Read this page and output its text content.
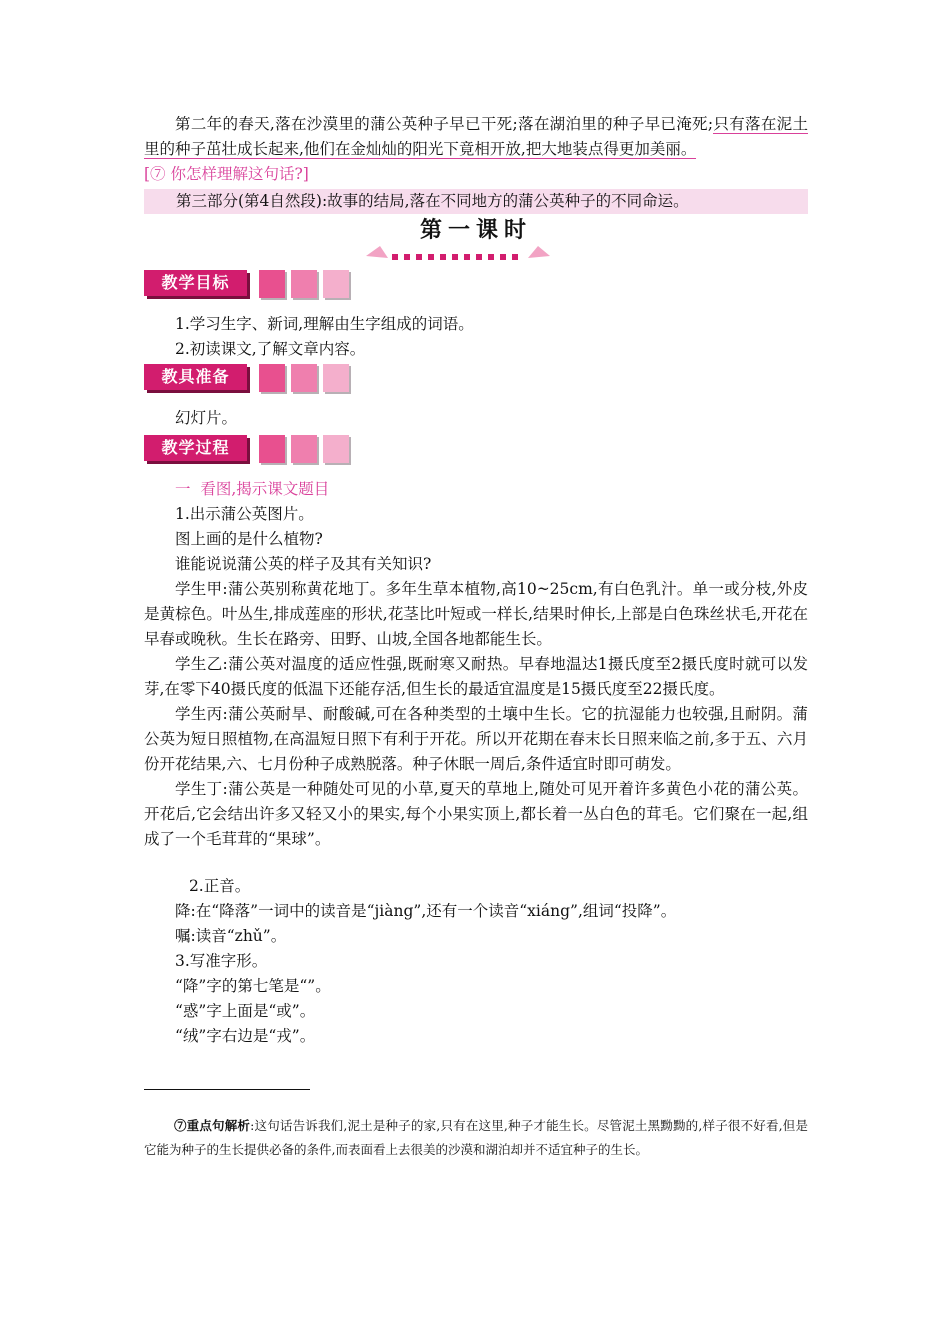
第二年的春天,落在沙漠里的蒲公英种子早已干死;落在湖泊里的种子早已淹死;只有落在泥土里的种子茁壮成长起来,他们在金灿灿的阳光下竟相开放,把大地装点得更加美丽。

[⑦ 你怎样理解这句话?]

第三部分(第4自然段):故事的结局,落在不同地方的蒲公英种子的不同命运。
第一课时
教学目标

1.学习生字、新词,理解由生字组成的词语。

2.初读课文,了解文章内容。

教具准备

幻灯片。

教学过程

一  看图,揭示课文题目

1.出示蒲公英图片。

图上画的是什么植物?

谁能说说蒲公英的样子及其有关知识?

学生甲:蒲公英别称黄花地丁。多年生草本植物,高10~25cm,有白色乳汁。单一或分枝,外皮是黄棕色。叶丛生,排成莲座的形状,花茎比叶短或一样长,结果时伸长,上部是白色珠丝状毛,开花在早春或晚秋。生长在路旁、田野、山坡,全国各地都能生长。

学生乙:蒲公英对温度的适应性强,既耐寒又耐热。早春地温达1摄氏度至2摄氏度时就可以发芽,在零下40摄氏度的低温下还能存活,但生长的最适宜温度是15摄氏度至22摄氏度。

学生丙:蒲公英耐旱、耐酸碱,可在各种类型的土壤中生长。它的抗湿能力也较强,且耐阴。蒲公英为短日照植物,在高温短日照下有利于开花。所以开花期在春末长日照来临之前,多于五、六月份开花结果,六、七月份种子成熟脱落。种子休眠一周后,条件适宜时即可萌发。

学生丁:蒲公英是一种随处可见的小草,夏天的草地上,随处可见开着许多黄色小花的蒲公英。开花后,它会结出许多又轻又小的果实,每个小果实顶上,都长着一丛白色的茸毛。它们聚在一起,组成了一个毛茸茸的“果球”。

2.正音。

降:在“降落”一词中的读音是“jiàng”,还有一个读音“xiáng”,组词“投降”。

嘱:读音“zhǔ”。

3.写准字形。

“降”字的第七笔是“”。

“惑”字上面是“或”。

“绒”字右边是“戎”。

⑦重点句解析:这句话告诉我们,泥土是种子的家,只有在这里,种子才能生长。尽管泥土黑黝黝的,样子很不好看,但是它能为种子的生长提供必备的条件,而表面看上去很美的沙漠和湖泊却并不适宜种子的生长。
